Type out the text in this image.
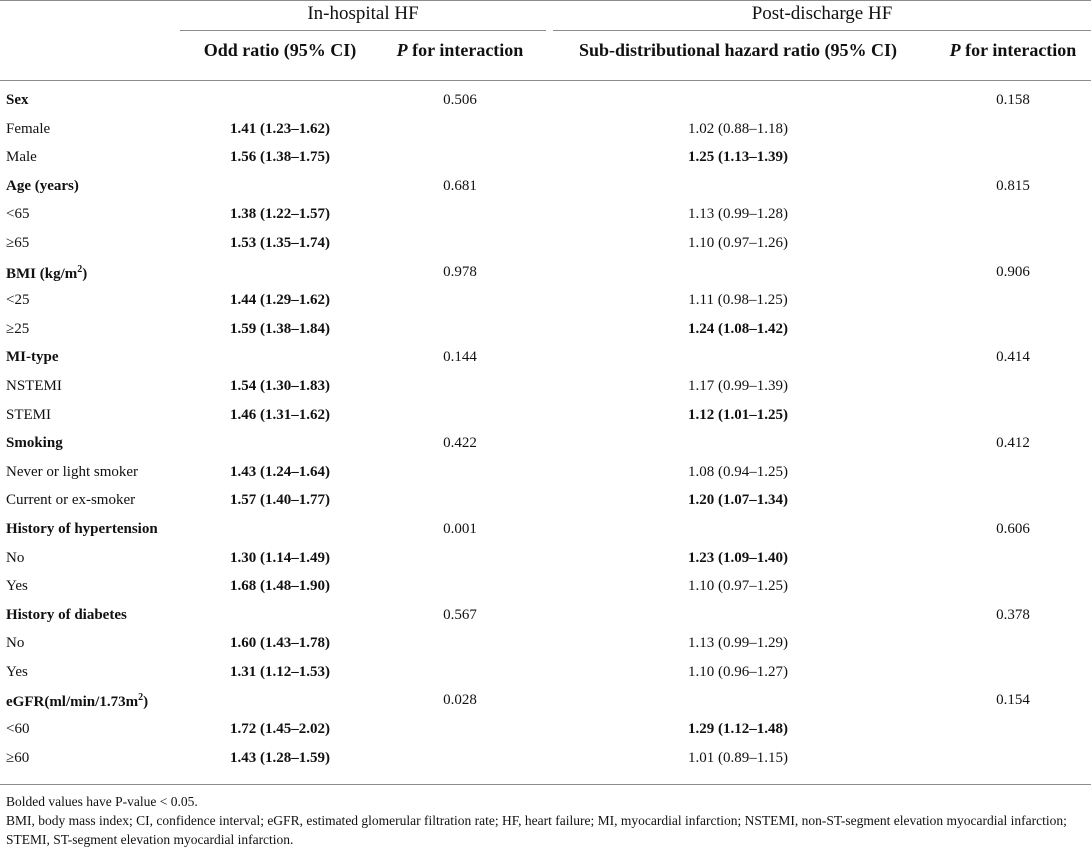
In-hospital HF	Post-discharge HF
Odd ratio (95% CI)	P for interaction	Sub-distributional hazard ratio (95% CI)	P for interaction
Sex	0.506	0.158
Female	1.41 (1.23–1.62)	1.02 (0.88–1.18)
Male	1.56 (1.38–1.75)	1.25 (1.13–1.39)
Age (years)	0.681	0.815
<65	1.38 (1.22–1.57)	1.13 (0.99–1.28)
≥65	1.53 (1.35–1.74)	1.10 (0.97–1.26)
BMI $(kg/m^2)$	0.978	0.906
<25	1.44 (1.29–1.62)	1.11 (0.98–1.25)
≥25	1.59 (1.38–1.84)	1.24 (1.08–1.42)
MI-type	0.144	0.414
NSTEMI	1.54 (1.30–1.83)	1.17 (0.99–1.39)
STEMI	1.46 (1.31–1.62)	1.12 (1.01–1.25)
Smoking	0.422	0.412
Never or light smoker	1.43 (1.24–1.64)	1.08 (0.94–1.25)
Current or ex-smoker	1.57 (1.40–1.77)	1.20 (1.07–1.34)
History of hypertension	0.001	0.606
No	1.30 (1.14–1.49)	1.23 (1.09–1.40)
Yes	1.68 (1.48–1.90)	1.10 (0.97–1.25)
History of diabetes	0.567	0.378
No	1.60 (1.43–1.78)	1.13 (0.99–1.29)
Yes	1.31 (1.12–1.53)	1.10 (0.96–1.27)
$eGFR(ml/\min/1.73m^2)$	0.028	0.154
<60	1.72 (1.45–2.02)	1.29 (1.12–1.48)
≥60	1.43 (1.28–1.59)	1.01 (0.89–1.15)
Bolded values have P-value < 0.05.
BMI, body mass index; CI, confidence interval; eGFR, estimated glomerular filtration rate; HF, heart failure; MI, myocardial infarction; NSTEMI, non-ST-segment elevation myocardial infarction; STEMI, ST-segment elevation myocardial infarction.
